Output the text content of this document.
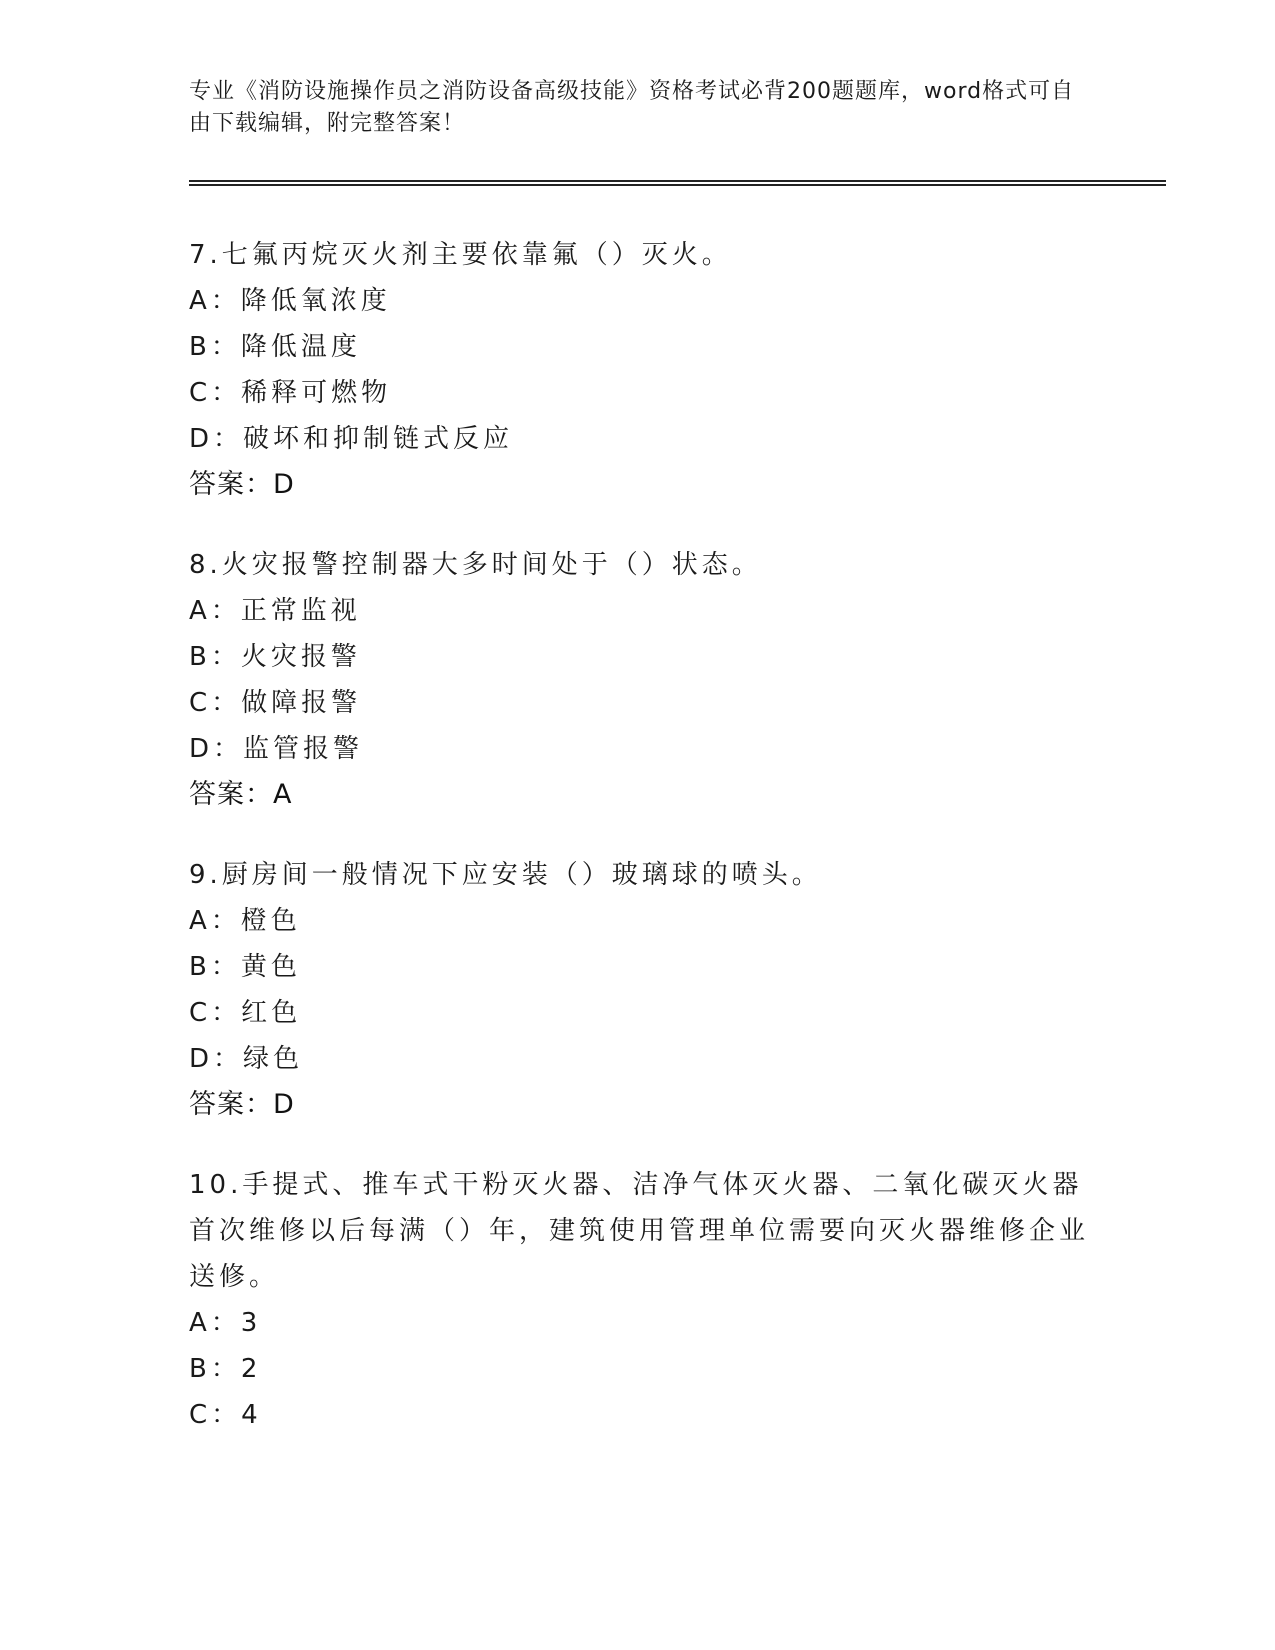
专业《消防设施操作员之消防设备高级技能》资格考试必背200题题库，word格式可自由下载编辑，附完整答案！
7.七氟丙烷灭火剂主要依靠氟（）灭火。
A：降低氧浓度
B：降低温度
C：稀释可燃物
D：破坏和抑制链式反应
答案：D
8.火灾报警控制器大多时间处于（）状态。
A：正常监视
B：火灾报警
C：做障报警
D：监管报警
答案：A
9.厨房间一般情况下应安装（）玻璃球的喷头。
A：橙色
B：黄色
C：红色
D：绿色
答案：D
10.手提式、推车式干粉灭火器、洁净气体灭火器、二氧化碳灭火器首次维修以后每满（）年，建筑使用管理单位需要向灭火器维修企业送修。
A：3
B：2
C：4
